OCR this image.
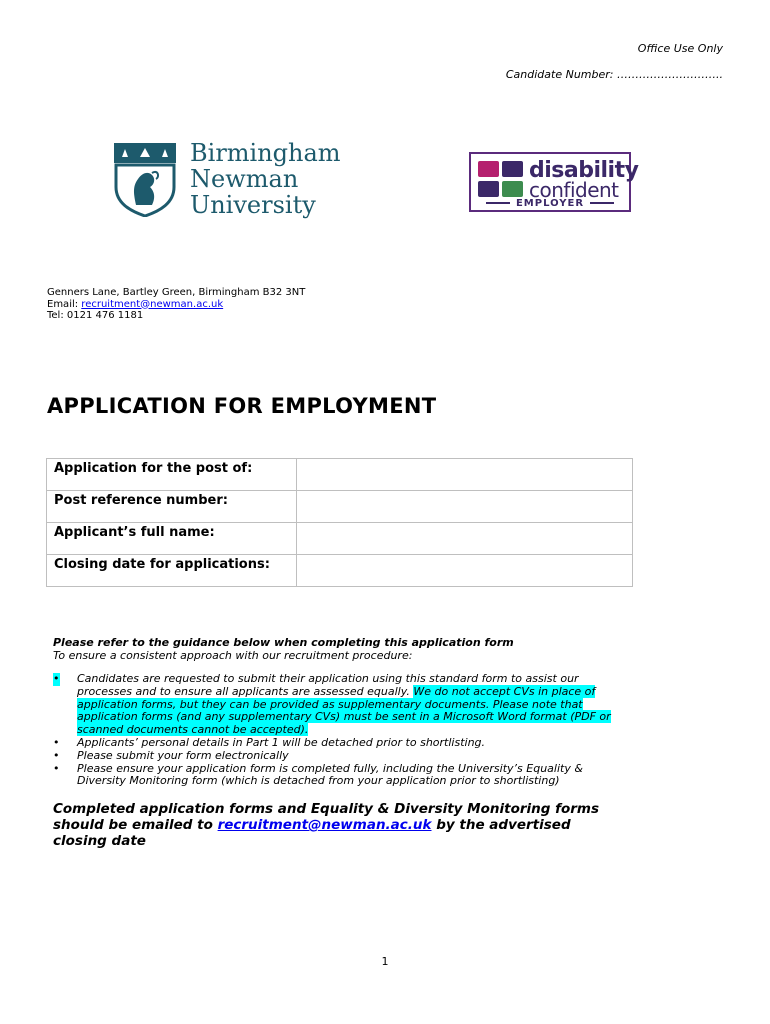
Office Use Only
Candidate Number: ………………………..
Birmingham
Newman
University
disability
confident
EMPLOYER
Genners Lane, Bartley Green, Birmingham B32 3NT
Email: recruitment@newman.ac.uk
Tel: 0121 476 1181
APPLICATION FOR EMPLOYMENT
Application for the post of:	
Post reference number:	
Applicant’s full name:	
Closing date for applications:	
Please refer to the guidance below when completing this application form
To ensure a consistent approach with our recruitment procedure:
• Candidates are requested to submit their application using this standard form to assist our processes and to ensure all applicants are assessed equally. We do not accept CVs in place of application forms, but they can be provided as supplementary documents. Please note that application forms (and any supplementary CVs) must be sent in a Microsoft Word format (PDF or scanned documents cannot be accepted).
• Applicants’ personal details in Part 1 will be detached prior to shortlisting.
• Please submit your form electronically
• Please ensure your application form is completed fully, including the University’s Equality & Diversity Monitoring form (which is detached from your application prior to shortlisting)
Completed application forms and Equality & Diversity Monitoring forms should be emailed to recruitment@newman.ac.uk by the advertised closing date
1
